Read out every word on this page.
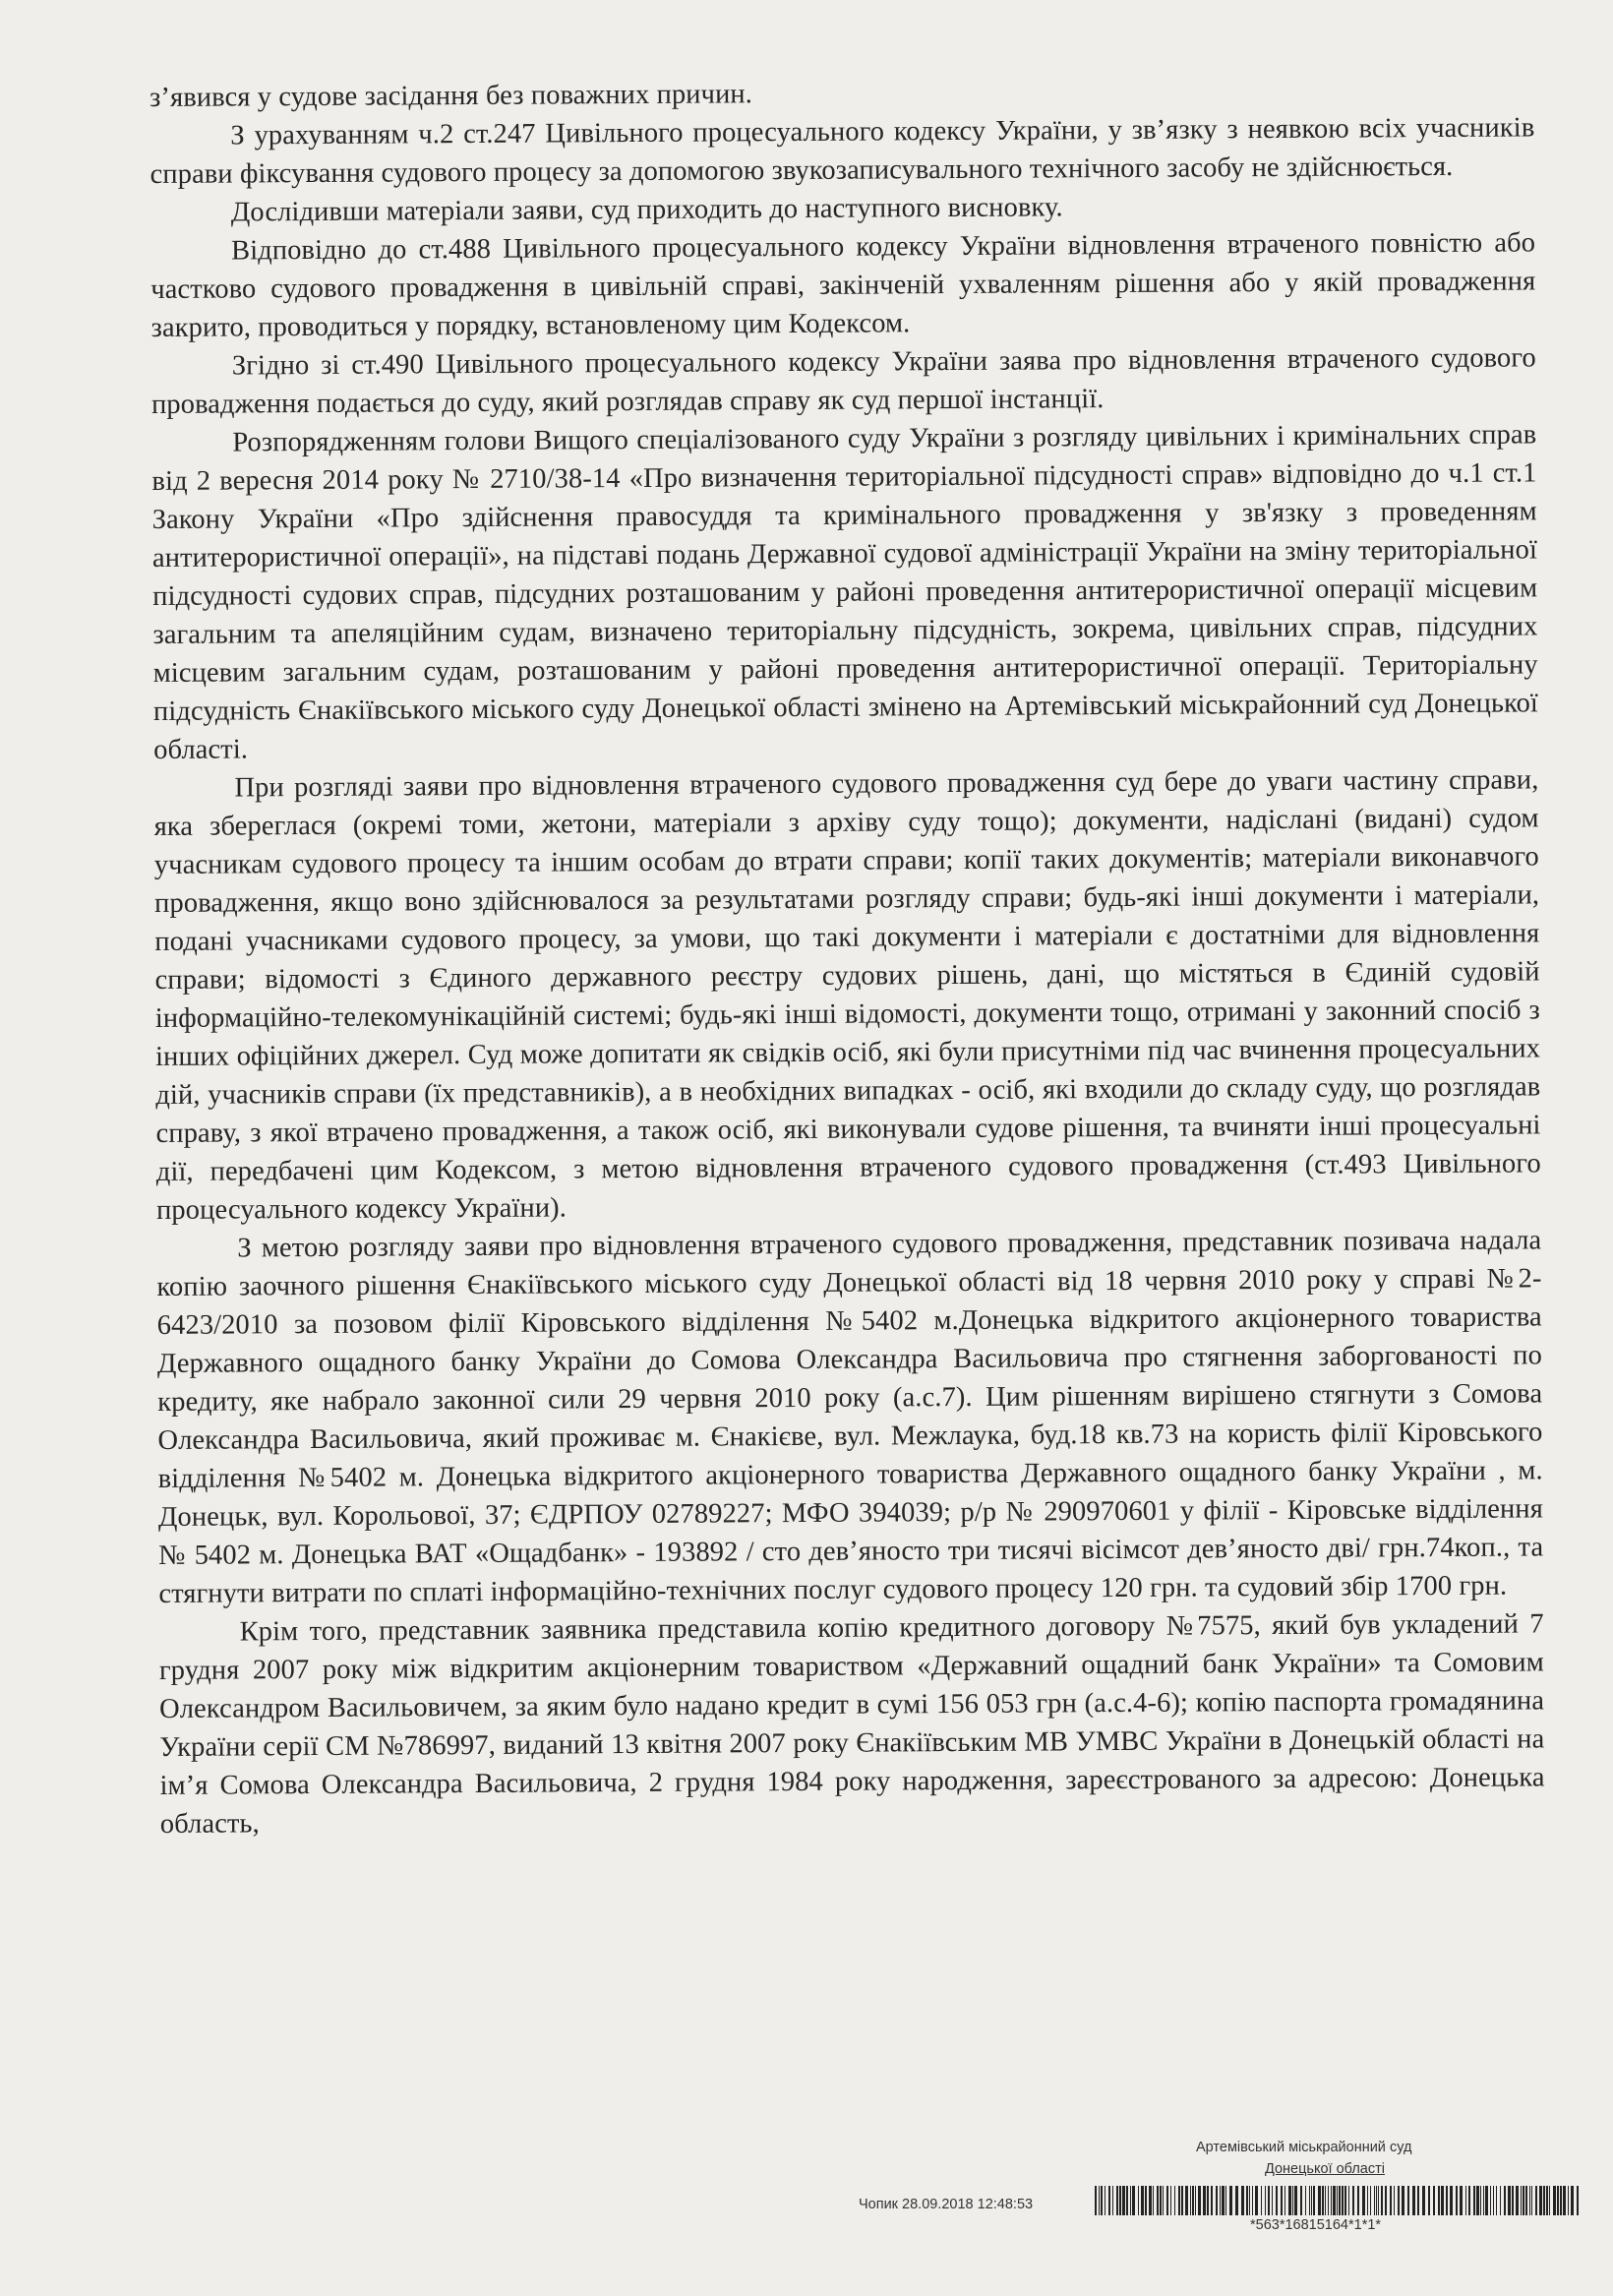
з’явився у судове засідання без поважних причин.

З урахуванням ч.2 ст.247 Цивільного процесуального кодексу України, у зв’язку з неявкою всіх учасників справи фіксування судового процесу за допомогою звукозаписувального технічного засобу не здійснюється.

Дослідивши матеріали заяви, суд приходить до наступного висновку.

Відповідно до ст.488 Цивільного процесуального кодексу України відновлення втраченого повністю або частково судового провадження в цивільній справі, закінченій ухваленням рішення або у якій провадження закрито, проводиться у порядку, встановленому цим Кодексом.

Згідно зі ст.490 Цивільного процесуального кодексу України заява про відновлення втраченого судового провадження подається до суду, який розглядав справу як суд першої інстанції.

Розпорядженням голови Вищого спеціалізованого суду України з розгляду цивільних і кримінальних справ від 2 вересня 2014 року № 2710/38-14 «Про визначення територіальної підсудності справ» відповідно до ч.1 ст.1 Закону України «Про здійснення правосуддя та кримінального провадження у зв'язку з проведенням антитерористичної операції», на підставі подань Державної судової адміністрації України на зміну територіальної підсудності судових справ, підсудних розташованим у районі проведення антитерористичної операції місцевим загальним та апеляційним судам, визначено територіальну підсудність, зокрема, цивільних справ, підсудних місцевим загальним судам, розташованим у районі проведення антитерористичної операції. Територіальну підсудність Єнакіївського міського суду Донецької області змінено на Артемівський міськрайонний суд Донецької області.

При розгляді заяви про відновлення втраченого судового провадження суд бере до уваги частину справи, яка збереглася (окремі томи, жетони, матеріали з архіву суду тощо); документи, надіслані (видані) судом учасникам судового процесу та іншим особам до втрати справи; копії таких документів; матеріали виконавчого провадження, якщо воно здійснювалося за результатами розгляду справи; будь-які інші документи і матеріали, подані учасниками судового процесу, за умови, що такі документи і матеріали є достатніми для відновлення справи; відомості з Єдиного державного реєстру судових рішень, дані, що містяться в Єдиній судовій інформаційно-телекомунікаційній системі; будь-які інші відомості, документи тощо, отримані у законний спосіб з інших офіційних джерел. Суд може допитати як свідків осіб, які були присутніми під час вчинення процесуальних дій, учасників справи (їх представників), а в необхідних випадках - осіб, які входили до складу суду, що розглядав справу, з якої втрачено провадження, а також осіб, які виконували судове рішення, та вчиняти інші процесуальні дії, передбачені цим Кодексом, з метою відновлення втраченого судового провадження (ст.493 Цивільного процесуального кодексу України).

З метою розгляду заяви про відновлення втраченого судового провадження, представник позивача надала копію заочного рішення Єнакіївського міського суду Донецької області від 18 червня 2010 року у справі №2-6423/2010 за позовом філії Кіровського відділення №5402 м.Донецька відкритого акціонерного товариства Державного ощадного банку України до Сомова Олександра Васильовича про стягнення заборгованості по кредиту, яке набрало законної сили 29 червня 2010 року (а.с.7). Цим рішенням вирішено стягнути з Сомова Олександра Васильовича, який проживає м. Єнакієве, вул. Межлаука, буд.18 кв.73 на користь філії Кіровського відділення №5402 м. Донецька відкритого акціонерного товариства Державного ощадного банку України , м. Донецьк, вул. Корольової, 37; ЄДРПОУ 02789227; МФО 394039; р/р № 290970601 у філії - Кіровське відділення № 5402 м. Донецька ВАТ «Ощадбанк» - 193892 / сто дев’яносто три тисячі вісімсот дев’яносто дві/ грн.74коп., та стягнути витрати по сплаті інформаційно-технічних послуг судового процесу 120 грн. та судовий збір 1700 грн.

Крім того, представник заявника представила копію кредитного договору №7575, який був укладений 7 грудня 2007 року між відкритим акціонерним товариством «Державний ощадний банк України» та Сомовим Олександром Васильовичем, за яким було надано кредит в сумі 156 053 грн (а.с.4-6); копію паспорта громадянина України серії СМ №786997, виданий 13 квітня 2007 року Єнакіївським МВ УМВС України в Донецькій області на ім’я Сомова Олександра Васильовича, 2 грудня 1984 року народження, зареєстрованого за адресою: Донецька область,

Артемівський міськрайонний суд
Донецької області
Чопик 28.09.2018 12:48:53
*563*16815164*1*1*
